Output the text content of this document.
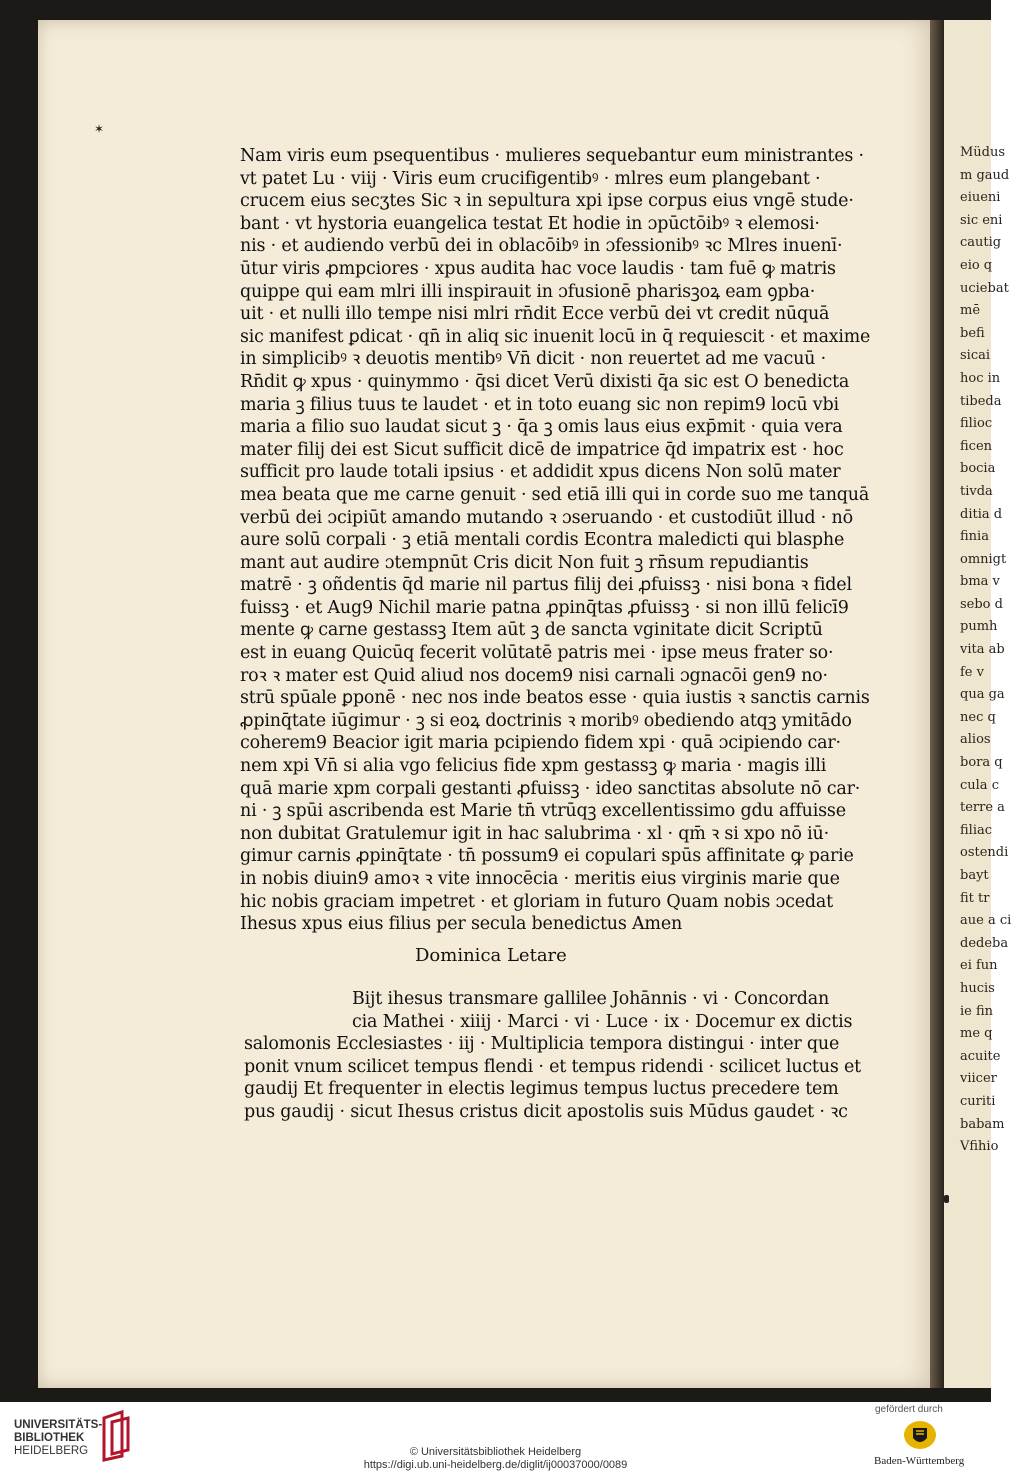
Müdus
m gaud
eiueni
sic eni
cautig
eio q
uciebat
mē
befi
sicai
hoc in
tibeda
filioc
ficen
bocia
tivda
ditia d
finia
omnigt
bma v
sebo d
pumh
vita ab
fe v
qua ga
nec q
alios
bora q
cula c
terre a
filiac
ostendi
bayt
fit tr
aue a ci
dedeba
ei fun
hucis
ie fin
me q
acuite
viicer
curiti
babam
Vfihio
✶
Nam viris eum psequentibus · mulieres sequebantur eum ministrantes ·
vt patet Lu · viij · Viris eum crucifigentibꝰ · mlres eum plangebant ·
crucem eius secʒtes Sic ꝛ in sepultura xpi ipse corpus eius vngē stude·
bant · vt hystoria euangelica testat Et hodie in ɔpūctōibꝰ ꝛ elemosi·
nis · et audiendo verbū dei in oblacōibꝰ in ɔfessionibꝰ ꝛc Mlres inuenī·
ūtur viris ꝓmpciores · xpus audita hac voce laudis · tam fuē ꝙ matris
quippe qui eam mlri illi inspirauit in ɔfusionē pharisꝫoꝝ eam ꝯpba·
uit · et nulli illo tempe nisi mlri rn̄dit Ecce verbū dei vt credit nūquā
sic manifest ꝑdicat · qn̄ in aliq sic inuenit locū in q̄ requiescit · et maxime
in simplicibꝰ ꝛ deuotis mentibꝰ Vn̄ dicit · non reuertet ad me vacuū ·
Rn̄dit ꝙ xpus · quinymmo · q̄si dicet Verū dixisti q̄a sic est O benedicta
maria ꝫ filius tuus te laudet · et in toto euang sic non repim9 locū vbi
maria a filio suo laudat sicut ꝫ · q̄a ꝫ omis laus eius exp̄mit · quia vera
mater filij dei est Sicut sufficit dicē de impatrice q̄d impatrix est · hoc
sufficit pro laude totali ipsius · et addidit xpus dicens Non solū mater
mea beata que me carne genuit · sed etiā illi qui in corde suo me tanquā
verbū dei ɔcipiūt amando mutando ꝛ ɔseruando · et custodiūt illud · nō
aure solū corpali · ꝫ etiā mentali cordis Econtra maledicti qui blasphe
mant aut audire ɔtempnūt Cris dicit Non fuit ꝫ rn̄sum repudiantis
matrē · ꝫ oñdentis q̄d marie nil partus filij dei ꝓfuissꝫ · nisi bona ꝛ fidel
fuissꝫ · et Aug9 Nichil marie patna ꝓpinq̄tas ꝓfuissꝫ · si non illū felicī9
mente ꝙ carne gestassꝫ Item aūt ꝫ de sancta vginitate dicit Scriptū
est in euang Quicūq fecerit volūtatē patris mei · ipse meus frater so·
roꝛ ꝛ mater est Quid aliud nos docem9 nisi carnali ɔgnacōi gen9 no·
strū spūale ꝑponē · nec nos inde beatos esse · quia iustis ꝛ sanctis carnis
ꝓpinq̄tate iūgimur · ꝫ si eoꝝ doctrinis ꝛ moribꝰ obediendo atqꝫ ymitādo
coherem9 Beacior igit maria pcipiendo fidem xpi · quā ɔcipiendo car·
nem xpi Vn̄ si alia vgo felicius fide xpm gestassꝫ ꝙ maria · magis illi
quā marie xpm corpali gestanti ꝓfuissꝫ · ideo sanctitas absolute nō car·
ni · ꝫ spūi ascribenda est Marie tn̄ vtrūqꝫ excellentissimo gdu affuisse
non dubitat Gratulemur igit in hac salubrima · xl · qm̄ ꝛ si xpo nō iū·
gimur carnis ꝓpinq̄tate · tn̄ possum9 ei copulari spūs affinitate ꝙ parie
in nobis diuin9 amoꝛ ꝛ vite innocēcia · meritis eius virginis marie que
hic nobis graciam impetret · et gloriam in futuro Quam nobis ɔcedat
Ihesus xpus eius filius per secula benedictus Amen
Dominica Letare
Bijt ihesus transmare gallilee Johānnis · vi · Concordan
cia Mathei · xiiij · Marci · vi · Luce · ix · Docemur ex dictis
salomonis Ecclesiastes · iij · Multiplicia tempora distingui · inter que
ponit vnum scilicet tempus flendi · et tempus ridendi · scilicet luctus et
gaudij Et frequenter in electis legimus tempus luctus precedere tem
pus gaudij · sicut Ihesus cristus dicit apostolis suis Mūdus gaudet · ꝛc
UNIVERSITÄTS-
BIBLIOTHEK
HEIDELBERG	© Universitätsbibliothek Heidelberg
https://digi.ub.uni-heidelberg.de/diglit/ij00037000/0089
gefördert durch
Baden-Württemberg
